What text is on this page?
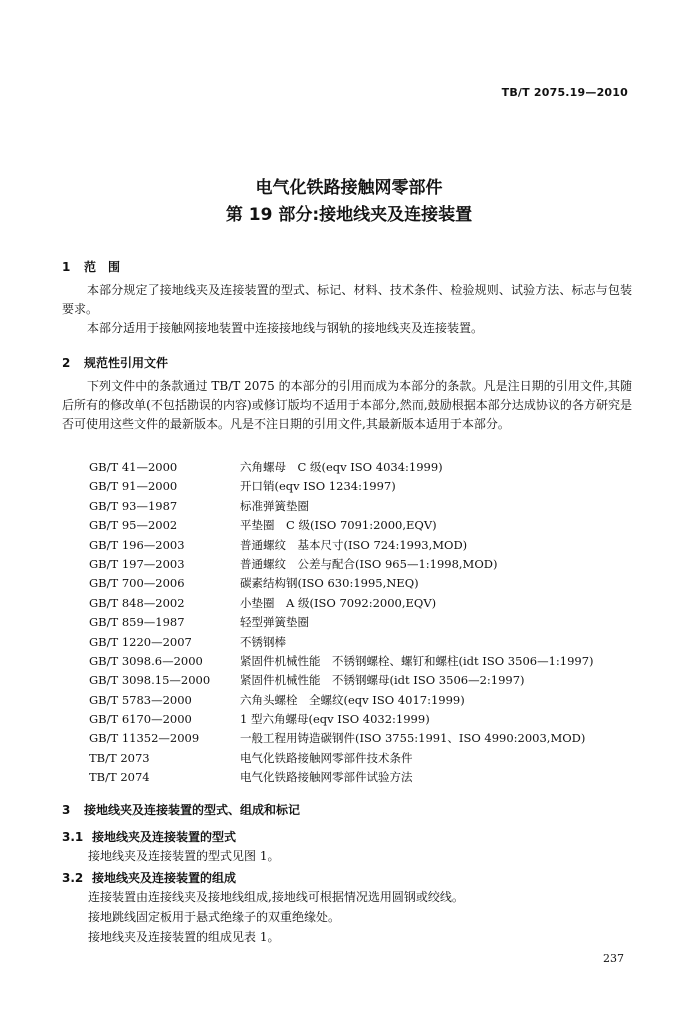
TB/T 2075.19—2010
电气化铁路接触网零部件
第 19 部分:接地线夹及连接装置
1 范　围
本部分规定了接地线夹及连接装置的型式、标记、材料、技术条件、检验规则、试验方法、标志与包装要求。
本部分适用于接触网接地装置中连接接地线与钢轨的接地线夹及连接装置。
2 规范性引用文件
下列文件中的条款通过 TB/T 2075 的本部分的引用而成为本部分的条款。凡是注日期的引用文件,其随后所有的修改单(不包括勘误的内容)或修订版均不适用于本部分,然而,鼓励根据本部分达成协议的各方研究是否可使用这些文件的最新版本。凡是不注日期的引用文件,其最新版本适用于本部分。
GB/T 41—2000	六角螺母　C 级(eqv ISO 4034:1999)
GB/T 91—2000	开口销(eqv ISO 1234:1997)
GB/T 93—1987	标准弹簧垫圈
GB/T 95—2002	平垫圈　C 级(ISO 7091:2000,EQV)
GB/T 196—2003	普通螺纹　基本尺寸(ISO 724:1993,MOD)
GB/T 197—2003	普通螺纹　公差与配合(ISO 965—1:1998,MOD)
GB/T 700—2006	碳素结构钢(ISO 630:1995,NEQ)
GB/T 848—2002	小垫圈　A 级(ISO 7092:2000,EQV)
GB/T 859—1987	轻型弹簧垫圈
GB/T 1220—2007	不锈钢棒
GB/T 3098.6—2000	紧固件机械性能　不锈钢螺栓、螺钉和螺柱(idt ISO 3506—1:1997)
GB/T 3098.15—2000	紧固件机械性能　不锈钢螺母(idt ISO 3506—2:1997)
GB/T 5783—2000	六角头螺栓　全螺纹(eqv ISO 4017:1999)
GB/T 6170—2000	1 型六角螺母(eqv ISO 4032:1999)
GB/T 11352—2009	一般工程用铸造碳钢件(ISO 3755:1991、ISO 4990:2003,MOD)
TB/T 2073	电气化铁路接触网零部件技术条件
TB/T 2074	电气化铁路接触网零部件试验方法
3 接地线夹及连接装置的型式、组成和标记
3.1 接地线夹及连接装置的型式
接地线夹及连接装置的型式见图 1。
3.2 接地线夹及连接装置的组成
连接装置由连接线夹及接地线组成,接地线可根据情况选用圆钢或绞线。
接地跳线固定板用于悬式绝缘子的双重绝缘处。
接地线夹及连接装置的组成见表 1。
237
